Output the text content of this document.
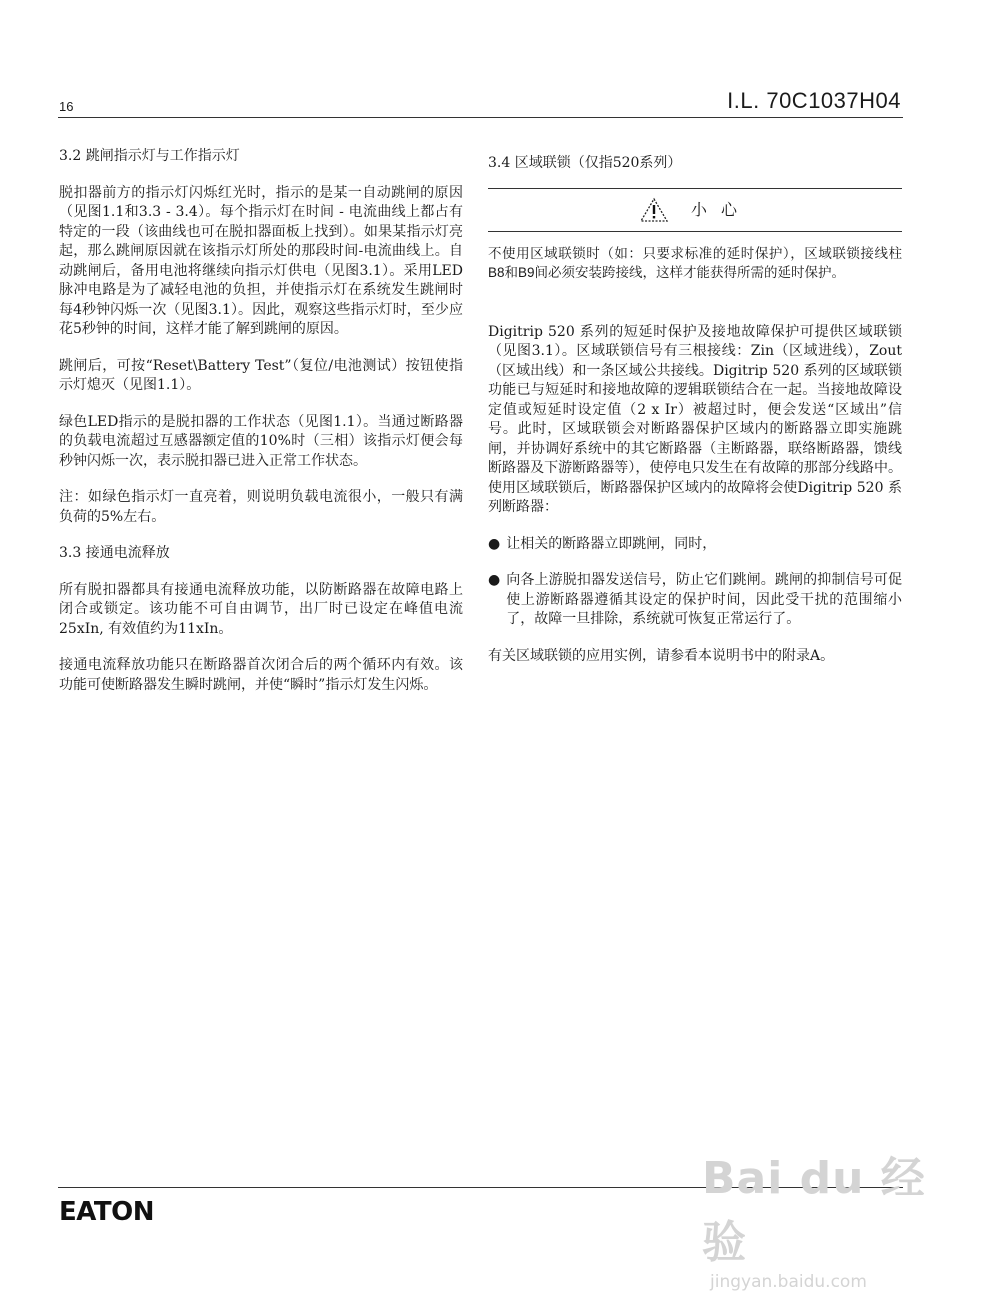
16	I.L. 70C1037H04
3.2 跳闸指示灯与工作指示灯

脱扣器前方的指示灯闪烁红光时，指示的是某一自动跳闸的原因（见图1.1和3.3 - 3.4）。每个指示灯在时间 - 电流曲线上都占有特定的一段（该曲线也可在脱扣器面板上找到）。如果某指示灯亮起，那么跳闸原因就在该指示灯所处的那段时间-电流曲线上。自动跳闸后，备用电池将继续向指示灯供电（见图3.1）。采用LED脉冲电路是为了减轻电池的负担，并使指示灯在系统发生跳闸时每4秒钟闪烁一次（见图3.1）。因此，观察这些指示灯时，至少应花5秒钟的时间，这样才能了解到跳闸的原因。

跳闸后，可按“Reset\Battery Test”（复位/电池测试）按钮使指示灯熄灭（见图1.1）。

绿色LED指示的是脱扣器的工作状态（见图1.1）。当通过断路器的负载电流超过互感器额定值的10%时（三相）该指示灯便会每秒钟闪烁一次，表示脱扣器已进入正常工作状态。

注：如绿色指示灯一直亮着，则说明负载电流很小，一般只有满负荷的5%左右。

3.3 接通电流释放

所有脱扣器都具有接通电流释放功能，以防断路器在故障电路上闭合或锁定。该功能不可自由调节，出厂时已设定在峰值电流25xIn, 有效值约为11xIn。

接通电流释放功能只在断路器首次闭合后的两个循环内有效。该功能可使断路器发生瞬时跳闸，并使“瞬时”指示灯发生闪烁。

3.4 区域联锁（仅指520系列）
小心
不使用区域联锁时（如：只要求标准的延时保护），区域联锁接线柱B8和B9间必须安装跨接线，这样才能获得所需的延时保护。

Digitrip 520 系列的短延时保护及接地故障保护可提供区域联锁（见图3.1）。区域联锁信号有三根接线：Zin（区域进线），Zout（区域出线）和一条区域公共接线。Digitrip 520 系列的区域联锁功能已与短延时和接地故障的逻辑联锁结合在一起。当接地故障设定值或短延时设定值（2 x Ir）被超过时，便会发送“区域出”信号。此时，区域联锁会对断路器保护区域内的断路器立即实施跳闸，并协调好系统中的其它断路器（主断路器，联络断路器，馈线断路器及下游断路器等），使停电只发生在有故障的那部分线路中。使用区域联锁后，断路器保护区域内的故障将会使Digitrip 520 系列断路器：

● 让相关的断路器立即跳闸，同时，

● 向各上游脱扣器发送信号，防止它们跳闸。跳闸的抑制信号可促使上游断路器遵循其设定的保护时间，因此受干扰的范围缩小了，故障一旦排除，系统就可恢复正常运行了。

有关区域联锁的应用实例，请参看本说明书中的附录A。

EATON
Bai du 经验
jingyan.baidu.com
